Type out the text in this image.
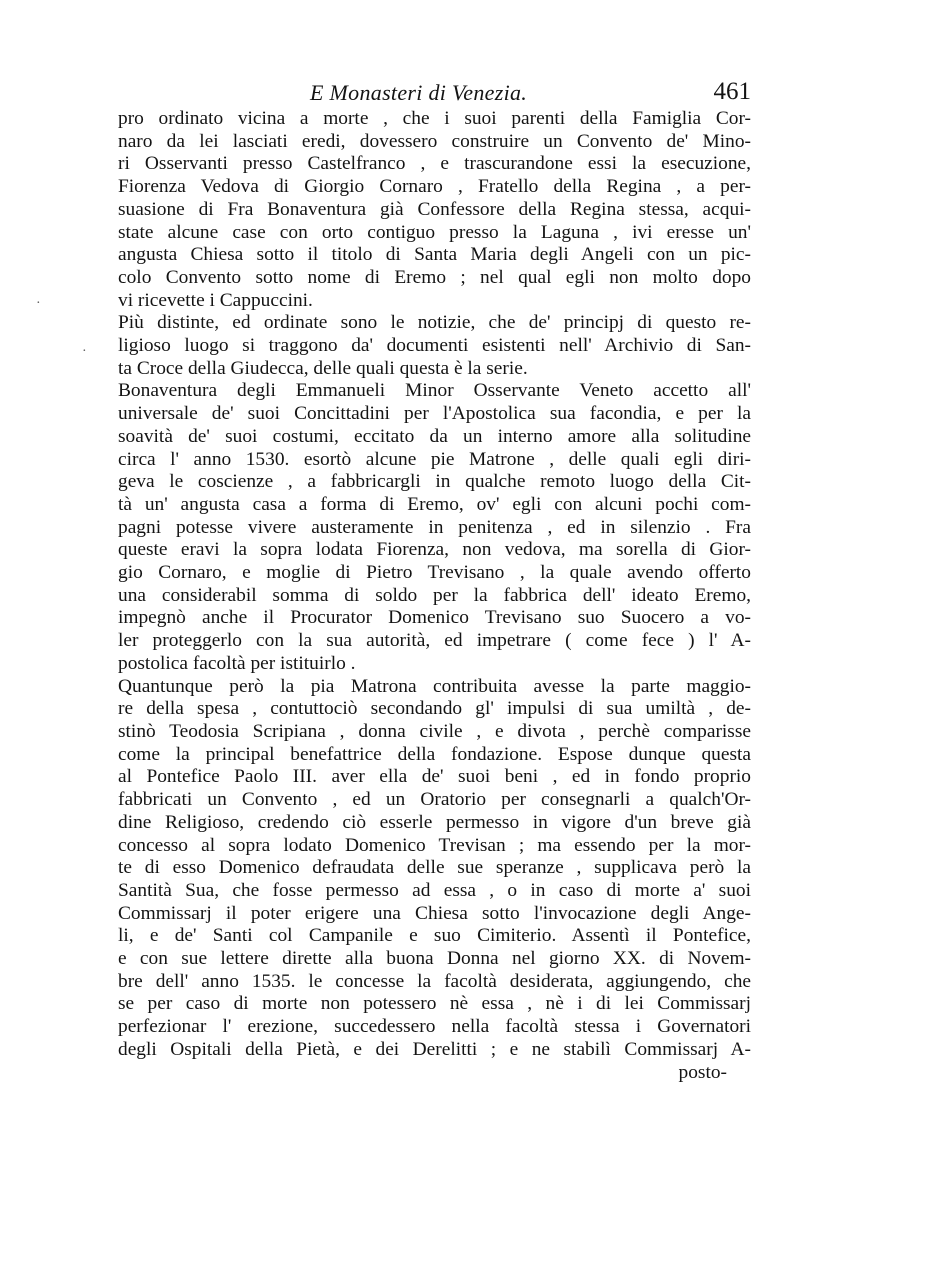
E Monasteri di Venezia.	461
pro ordinato vicina a morte , che i suoi parenti della Famiglia Cor-
naro da lei lasciati eredi, dovessero construire un Convento de' Mino-
ri Osservanti presso Castelfranco , e trascurandone essi la esecuzione,
Fiorenza Vedova di Giorgio Cornaro , Fratello della Regina , a per-
suasione di Fra Bonaventura già Confessore della Regina stessa, acqui-
state alcune case con orto contiguo presso la Laguna , ivi eresse un'
angusta Chiesa sotto il titolo di Santa Maria degli Angeli con un pic-
colo Convento sotto nome di Eremo ; nel qual egli non molto dopo
vi ricevette i Cappuccini.
Più distinte, ed ordinate sono le notizie, che de' principj di questo re-
ligioso luogo si traggono da' documenti esistenti nell' Archivio di San-
ta Croce della Giudecca, delle quali questa è la serie.
Bonaventura degli Emmanueli Minor Osservante Veneto accetto all'
universale de' suoi Concittadini per l'Apostolica sua facondia, e per la
soavità de' suoi costumi, eccitato da un interno amore alla solitudine
circa l' anno 1530. esortò alcune pie Matrone , delle quali egli diri-
geva le coscienze , a fabbricargli in qualche remoto luogo della Cit-
tà un' angusta casa a forma di Eremo, ov' egli con alcuni pochi com-
pagni potesse vivere austeramente in penitenza , ed in silenzio . Fra
queste eravi la sopra lodata Fiorenza, non vedova, ma sorella di Gior-
gio Cornaro, e moglie di Pietro Trevisano , la quale avendo offerto
una considerabil somma di soldo per la fabbrica dell' ideato Eremo,
impegnò anche il Procurator Domenico Trevisano suo Suocero a vo-
ler proteggerlo con la sua autorità, ed impetrare ( come fece ) l' A-
postolica facoltà per istituirlo .
Quantunque però la pia Matrona contribuita avesse la parte maggio-
re della spesa , contuttociò secondando gl' impulsi di sua umiltà , de-
stinò Teodosia Scripiana , donna civile , e divota , perchè comparisse
come la principal benefattrice della fondazione. Espose dunque questa
al Pontefice Paolo III. aver ella de' suoi beni , ed in fondo proprio
fabbricati un Convento , ed un Oratorio per consegnarli a qualch'Or-
dine Religioso, credendo ciò esserle permesso in vigore d'un breve già
concesso al sopra lodato Domenico Trevisan ; ma essendo per la mor-
te di esso Domenico defraudata delle sue speranze , supplicava però la
Santità Sua, che fosse permesso ad essa , o in caso di morte a' suoi
Commissarj il poter erigere una Chiesa sotto l'invocazione degli Ange-
li, e de' Santi col Campanile e suo Cimiterio. Assentì il Pontefice,
e con sue lettere dirette alla buona Donna nel giorno XX. di Novem-
bre dell' anno 1535. le concesse la facoltà desiderata, aggiungendo, che
se per caso di morte non potessero nè essa , nè i di lei Commissarj
perfezionar l' erezione, succedessero nella facoltà stessa i Governatori
degli Ospitali della Pietà, e dei Derelitti ; e ne stabilì Commissarj A-
posto-
·
·
